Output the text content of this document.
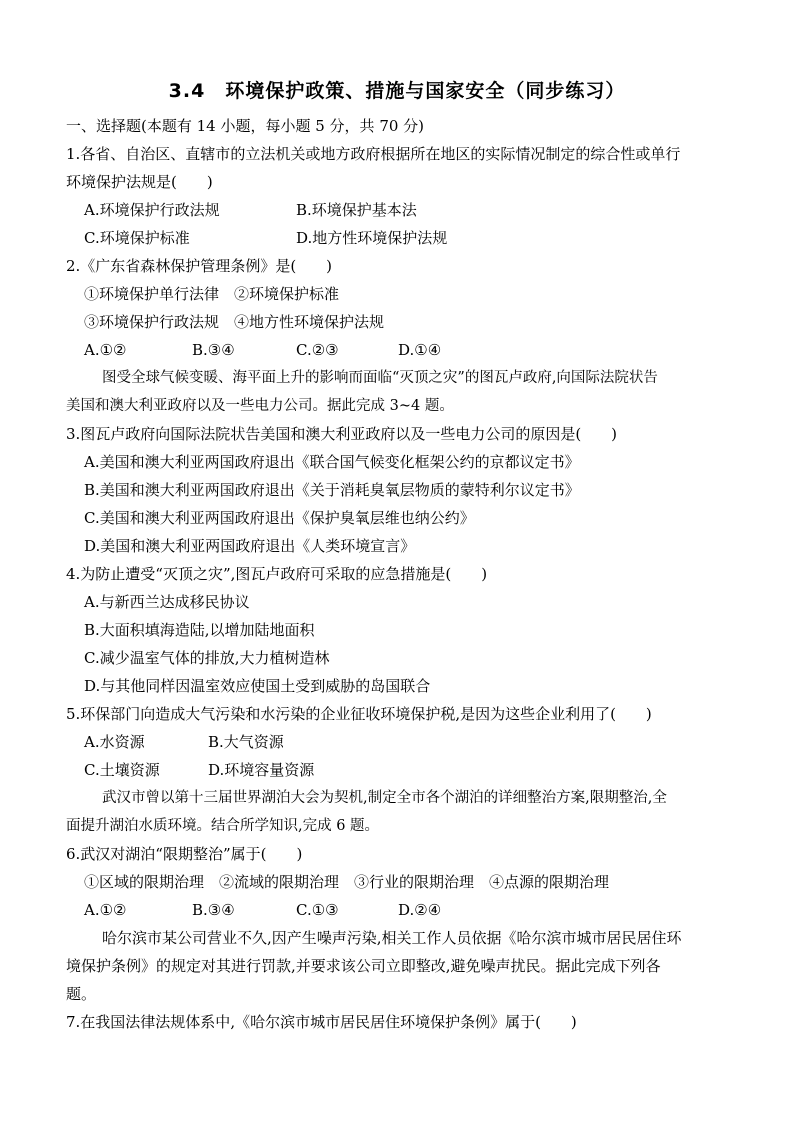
3.4　环境保护政策、措施与国家安全（同步练习）
一、选择题(本题有 14 小题，每小题 5 分，共 70 分)
1.各省、自治区、直辖市的立法机关或地方政府根据所在地区的实际情况制定的综合性或单行
环境保护法规是(　　)
A.环境保护行政法规	B.环境保护基本法
C.环境保护标准	D.地方性环境保护法规
2.《广东省森林保护管理条例》是(　　)
①环境保护单行法律　②环境保护标准
③环境保护行政法规　④地方性环境保护法规
A.①②	B.③④	C.②③	D.①④
图受全球气候变暖、海平面上升的影响而面临“灭顶之灾”的图瓦卢政府,向国际法院状告
美国和澳大利亚政府以及一些电力公司。据此完成 3~4 题。
3.图瓦卢政府向国际法院状告美国和澳大利亚政府以及一些电力公司的原因是(　　)
A.美国和澳大利亚两国政府退出《联合国气候变化框架公约的京都议定书》
B.美国和澳大利亚两国政府退出《关于消耗臭氧层物质的蒙特利尔议定书》
C.美国和澳大利亚两国政府退出《保护臭氧层维也纳公约》
D.美国和澳大利亚两国政府退出《人类环境宣言》
4.为防止遭受“灭顶之灾”,图瓦卢政府可采取的应急措施是(　　)
A.与新西兰达成移民协议
B.大面积填海造陆,以增加陆地面积
C.减少温室气体的排放,大力植树造林
D.与其他同样因温室效应使国土受到威胁的岛国联合
5.环保部门向造成大气污染和水污染的企业征收环境保护税,是因为这些企业利用了(　　)
A.水资源	B.大气资源
C.土壤资源	D.环境容量资源
武汉市曾以第十三届世界湖泊大会为契机,制定全市各个湖泊的详细整治方案,限期整治,全
面提升湖泊水质环境。结合所学知识,完成 6 题。
6.武汉对湖泊“限期整治”属于(　　)
①区域的限期治理　②流域的限期治理　③行业的限期治理　④点源的限期治理
A.①②	B.③④	C.①③	D.②④
哈尔滨市某公司营业不久,因产生噪声污染,相关工作人员依据《哈尔滨市城市居民居住环
境保护条例》的规定对其进行罚款,并要求该公司立即整改,避免噪声扰民。据此完成下列各
题。
7.在我国法律法规体系中,《哈尔滨市城市居民居住环境保护条例》属于(　　)
